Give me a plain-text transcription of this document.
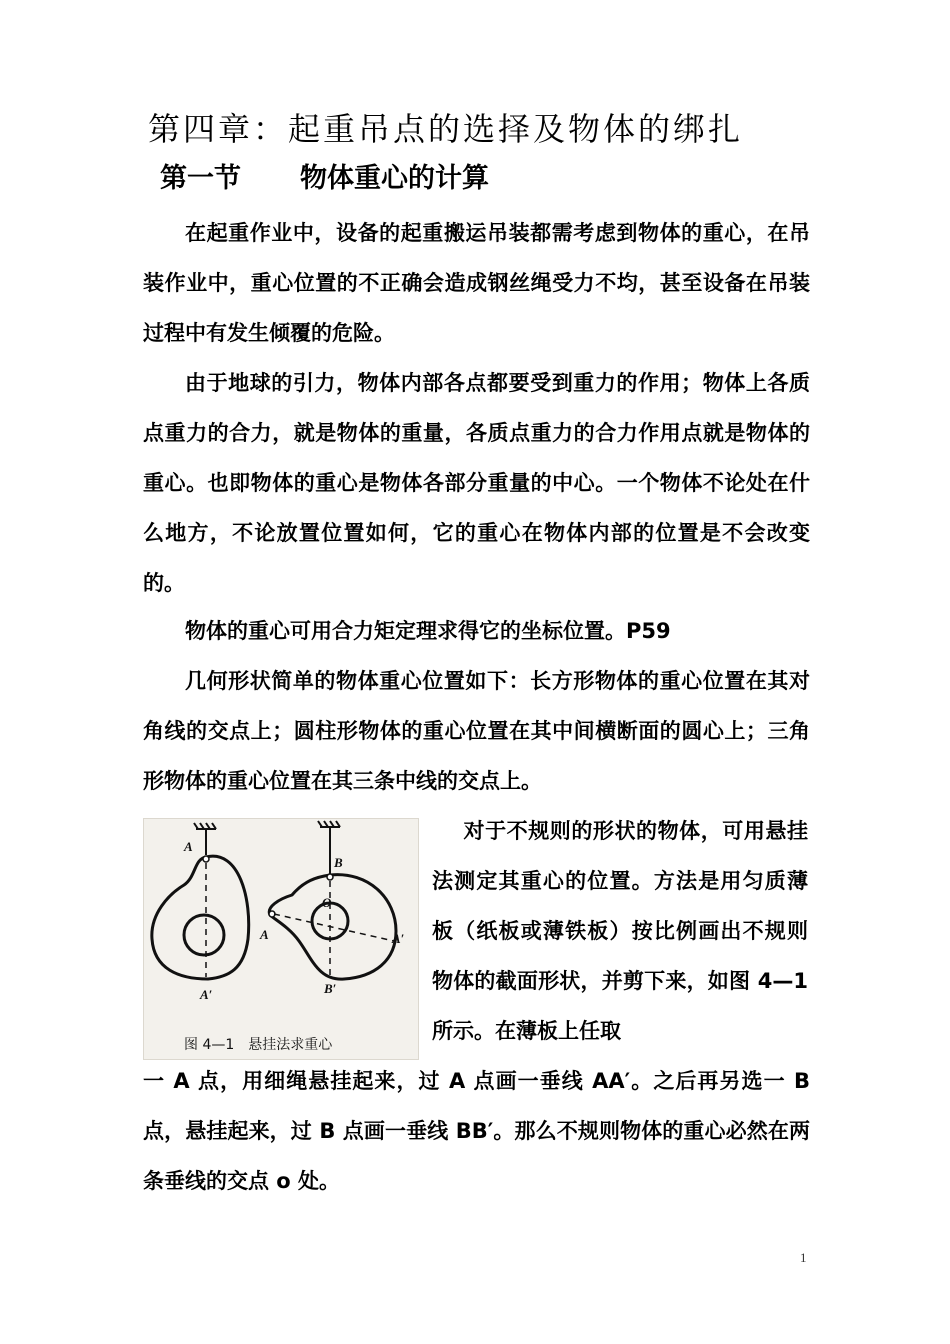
第四章：起重吊点的选择及物体的绑扎
第一节 物体重心的计算

在起重作业中，设备的起重搬运吊装都需考虑到物体的重心，在吊装作业中，重心位置的不正确会造成钢丝绳受力不均，甚至设备在吊装过程中有发生倾覆的危险。

由于地球的引力，物体内部各点都要受到重力的作用；物体上各质点重力的合力，就是物体的重量，各质点重力的合力作用点就是物体的重心。也即物体的重心是物体各部分重量的中心。一个物体不论处在什么地方，不论放置位置如何，它的重心在物体内部的位置是不会改变的。

物体的重心可用合力矩定理求得它的坐标位置。P59

几何形状简单的物体重心位置如下：长方形物体的重心位置在其对角线的交点上；圆柱形物体的重心位置在其中间横断面的圆心上；三角形物体的重心位置在其三条中线的交点上。

A
A′
B
O
A	A′
B′
图 4—1　悬挂法求重心

对于不规则的形状的物体，可用悬挂法测定其重心的位置。方法是用匀质薄板（纸板或薄铁板）按比例画出不规则物体的截面形状，并剪下来，如图 4—1 所示。在薄板上任取

一 A 点，用细绳悬挂起来，过 A 点画一垂线 AA′。之后再另选一 B 点，悬挂起来，过 B 点画一垂线 BB′。那么不规则物体的重心必然在两条垂线的交点 o 处。

1
